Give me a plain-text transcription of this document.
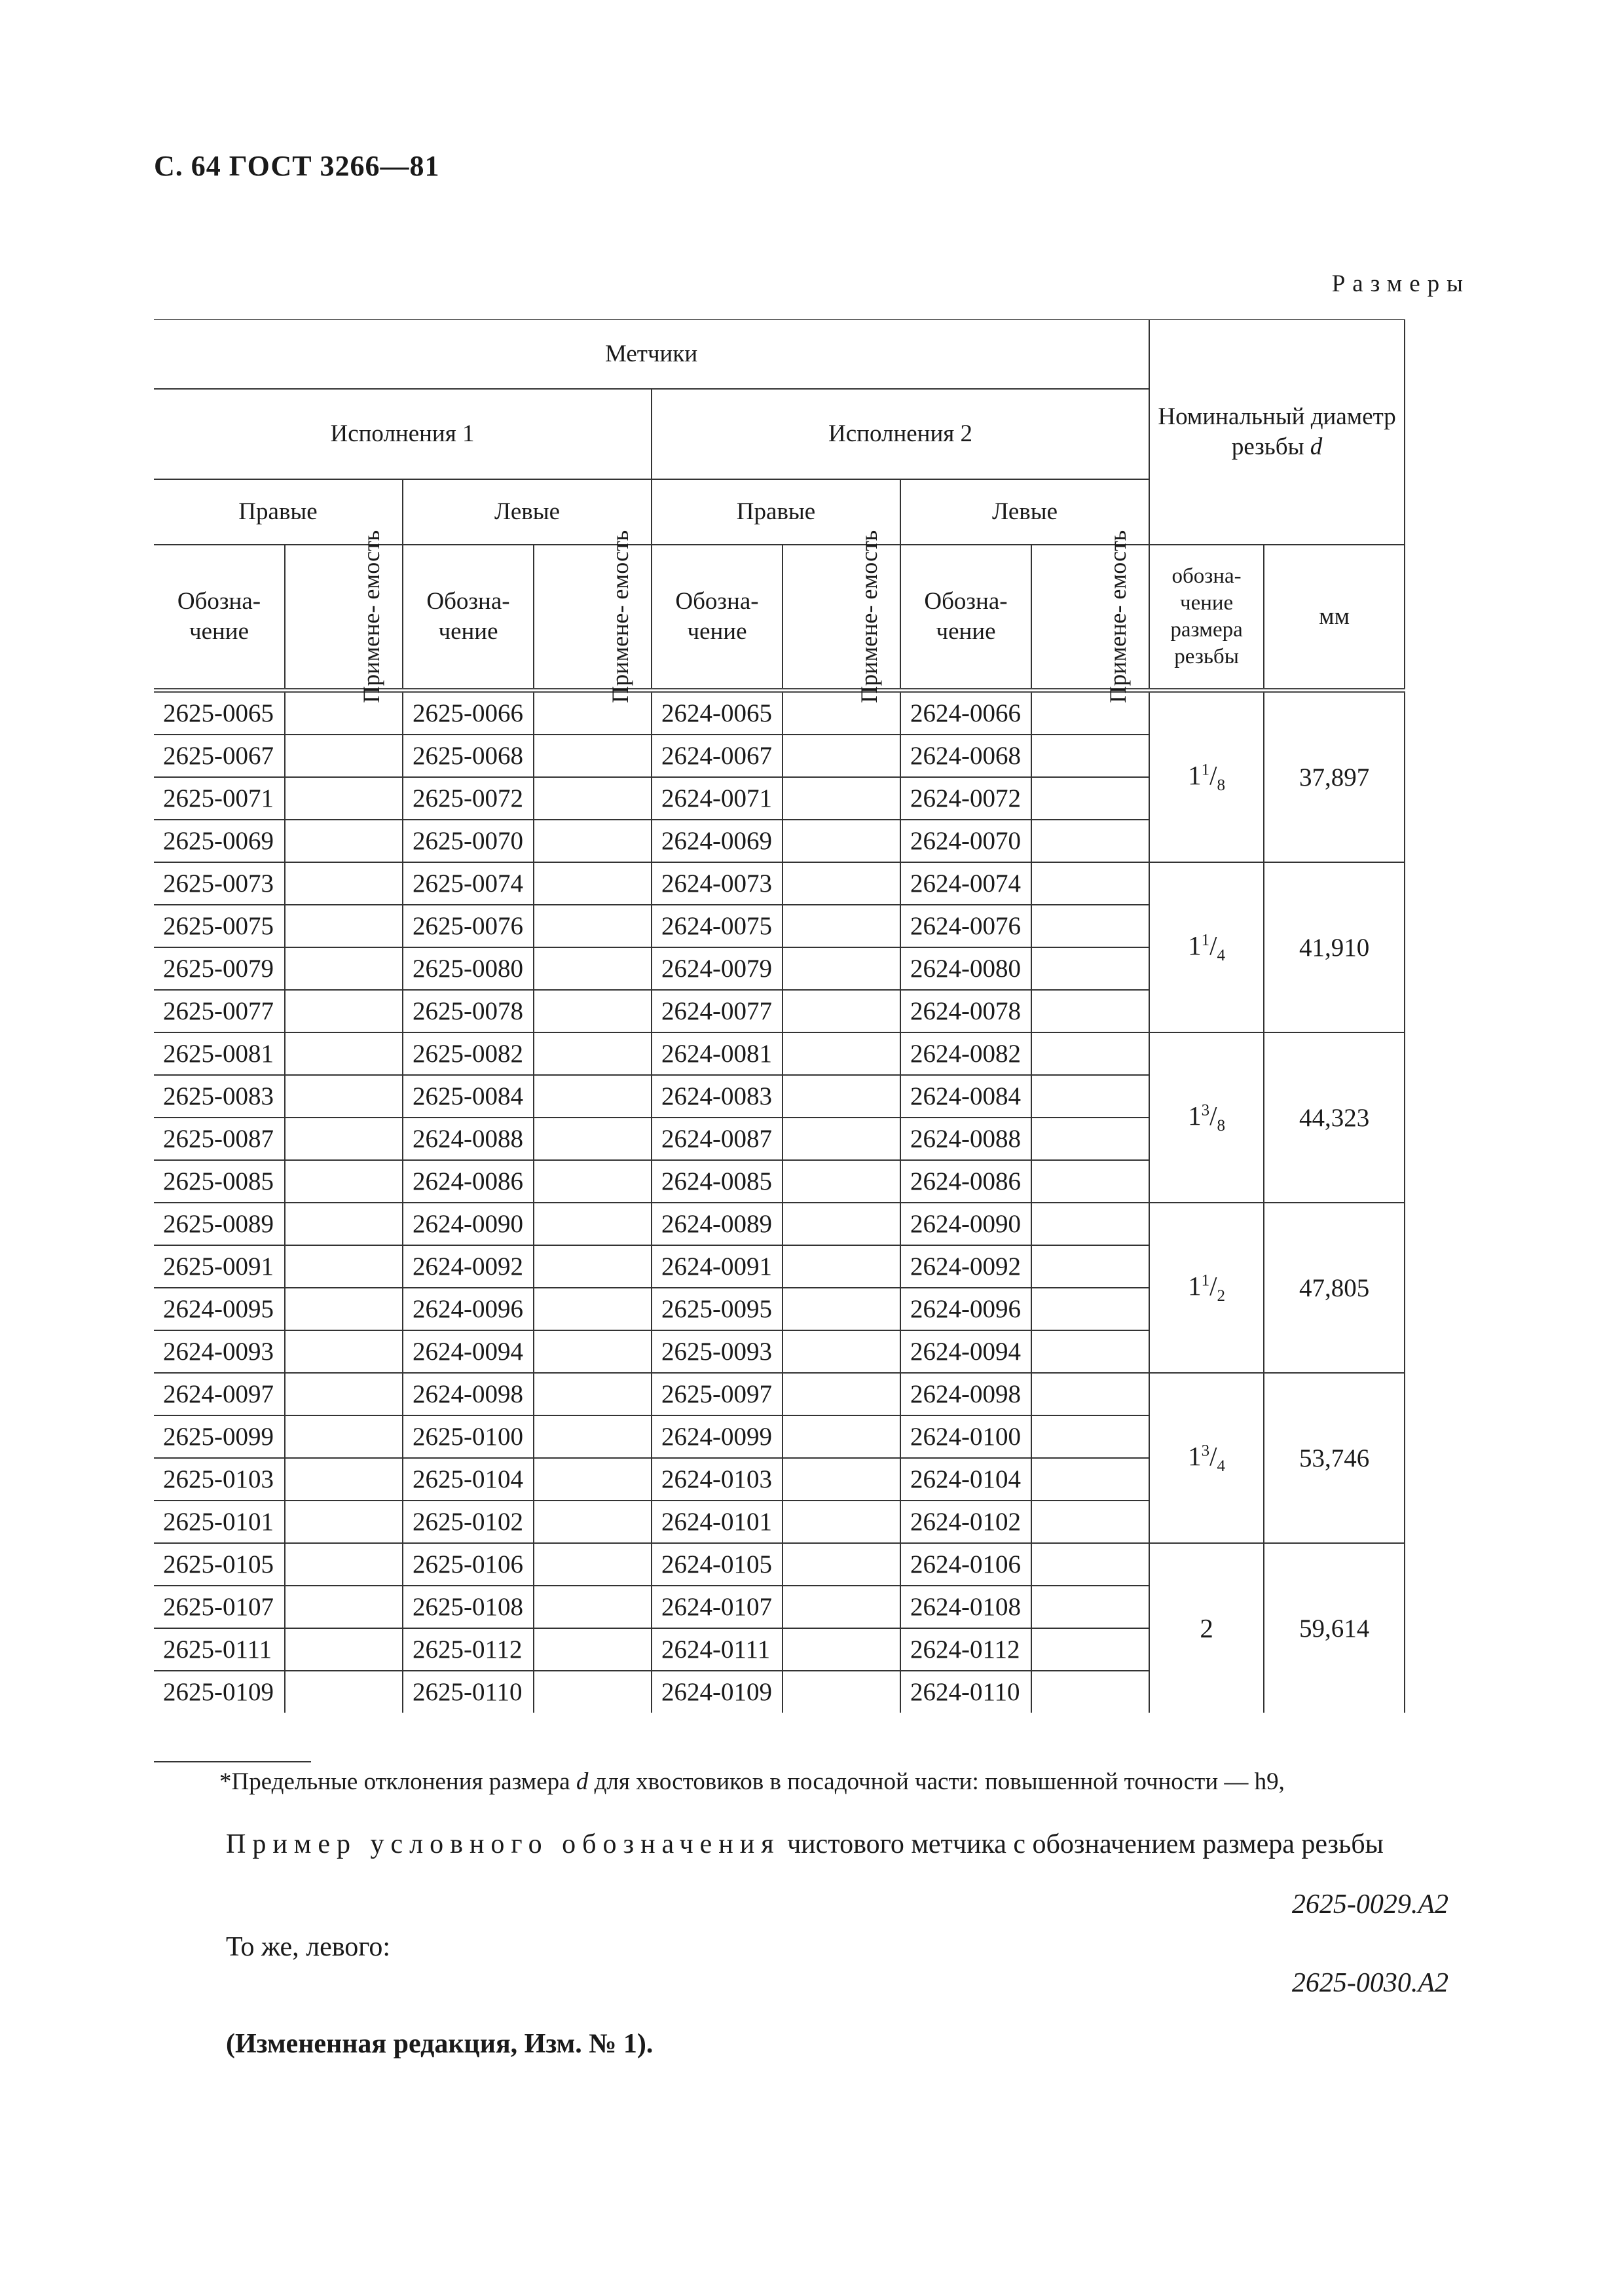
С. 64 ГОСТ 3266—81
Размеры
Метчики								Номинальный диаметр резьбы d		
Исполнения 1				Исполнения 2						
Правые		Левые		Правые		Левые				
Обозна-чение	Примене- емость	Обозна-чение	Примене- емость	Обозна-чение	Примене- емость	Обозна-чение	Примене- емость	обозна-чение размера резьбы	мм	
2625-0065		2625-0066		2624-0065		2624-0066		$1^1/_8$	37,897	
2625-0067		2625-0068		2624-0067		2624-0068				
2625-0071		2625-0072		2624-0071		2624-0072				
2625-0069		2625-0070		2624-0069		2624-0070				
2625-0073		2625-0074		2624-0073		2624-0074		$1^1/_4$	41,910	
2625-0075		2625-0076		2624-0075		2624-0076				
2625-0079		2625-0080		2624-0079		2624-0080				
2625-0077		2625-0078		2624-0077		2624-0078				
2625-0081		2625-0082		2624-0081		2624-0082		$1^3/_8$	44,323	
2625-0083		2625-0084		2624-0083		2624-0084				
2625-0087		2624-0088		2624-0087		2624-0088				
2625-0085		2624-0086		2624-0085		2624-0086				
2625-0089		2624-0090		2624-0089		2624-0090		$1^1/_2$	47,805	
2625-0091		2624-0092		2624-0091		2624-0092				
2624-0095		2624-0096		2625-0095		2624-0096				
2624-0093		2624-0094		2625-0093		2624-0094				
2624-0097		2624-0098		2625-0097		2624-0098		$1^3/_4$	53,746	
2625-0099		2625-0100		2624-0099		2624-0100				
2625-0103		2625-0104		2624-0103		2624-0104				
2625-0101		2625-0102		2624-0101		2624-0102				
2625-0105		2625-0106		2624-0105		2624-0106		2	59,614	
2625-0107		2625-0108		2624-0107		2624-0108				
2625-0111		2625-0112		2624-0111		2624-0112				
2625-0109		2625-0110		2624-0109		2624-0110				
*Предельные отклонения размера d для хвостовиков в посадочной части: повышенной точности — h9,
Пример условного обозначения чистового метчика с обозначением размера резьбы
2625-0029.А2
То же, левого:
2625-0030.А2
(Измененная редакция, Изм. № 1).
